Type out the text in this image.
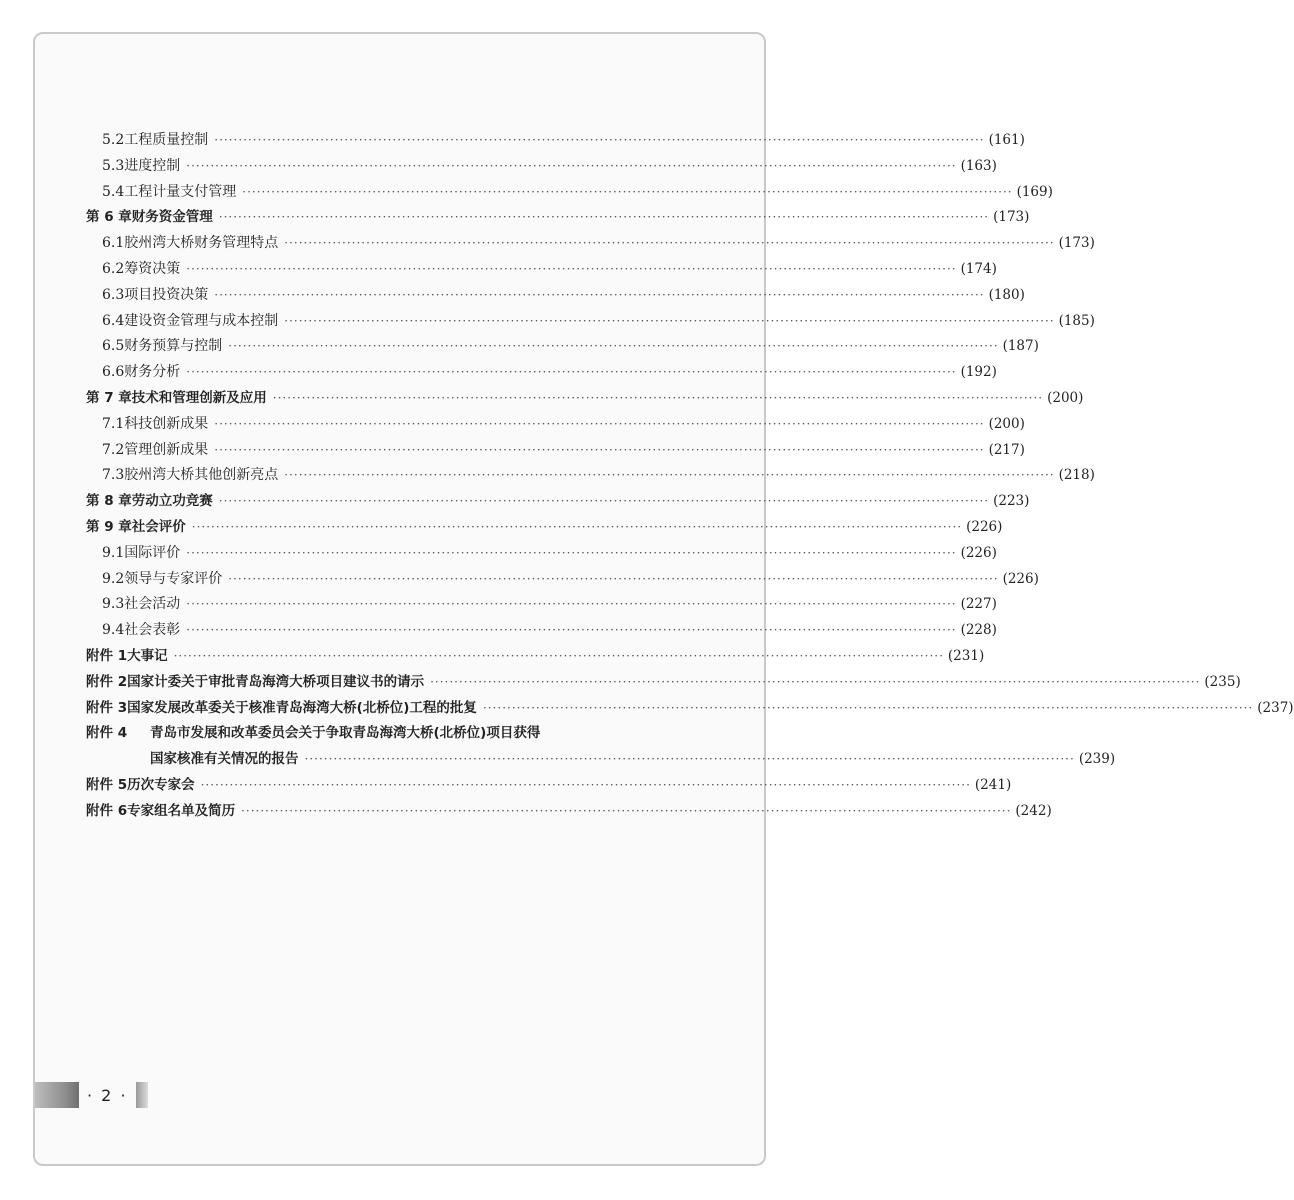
5.2 工程质量控制 ································································································································································ (161)
5.3 进度控制 ································································································································································ (163)
5.4 工程计量支付管理 ································································································································································ (169)
第 6 章 财务资金管理 ································································································································································ (173)
6.1 胶州湾大桥财务管理特点 ································································································································································ (173)
6.2 筹资决策 ································································································································································ (174)
6.3 项目投资决策 ································································································································································ (180)
6.4 建设资金管理与成本控制 ································································································································································ (185)
6.5 财务预算与控制 ································································································································································ (187)
6.6 财务分析 ································································································································································ (192)
第 7 章 技术和管理创新及应用 ································································································································································ (200)
7.1 科技创新成果 ································································································································································ (200)
7.2 管理创新成果 ································································································································································ (217)
7.3 胶州湾大桥其他创新亮点 ································································································································································ (218)
第 8 章 劳动立功竞赛 ································································································································································ (223)
第 9 章 社会评价 ································································································································································ (226)
9.1 国际评价 ································································································································································ (226)
9.2 领导与专家评价 ································································································································································ (226)
9.3 社会活动 ································································································································································ (227)
9.4 社会表彰 ································································································································································ (228)
附件 1 大事记 ································································································································································ (231)
附件 2 国家计委关于审批青岛海湾大桥项目建议书的请示 ································································································································································ (235)
附件 3 国家发展改革委关于核准青岛海湾大桥(北桥位)工程的批复 ································································································································································ (237)
附件 4	青岛市发展和改革委员会关于争取青岛海湾大桥(北桥位)项目获得
国家核准有关情况的报告 ································································································································································ (239)
附件 5 历次专家会 ································································································································································ (241)
附件 6 专家组名单及简历 ································································································································································ (242)
· 2 ·
